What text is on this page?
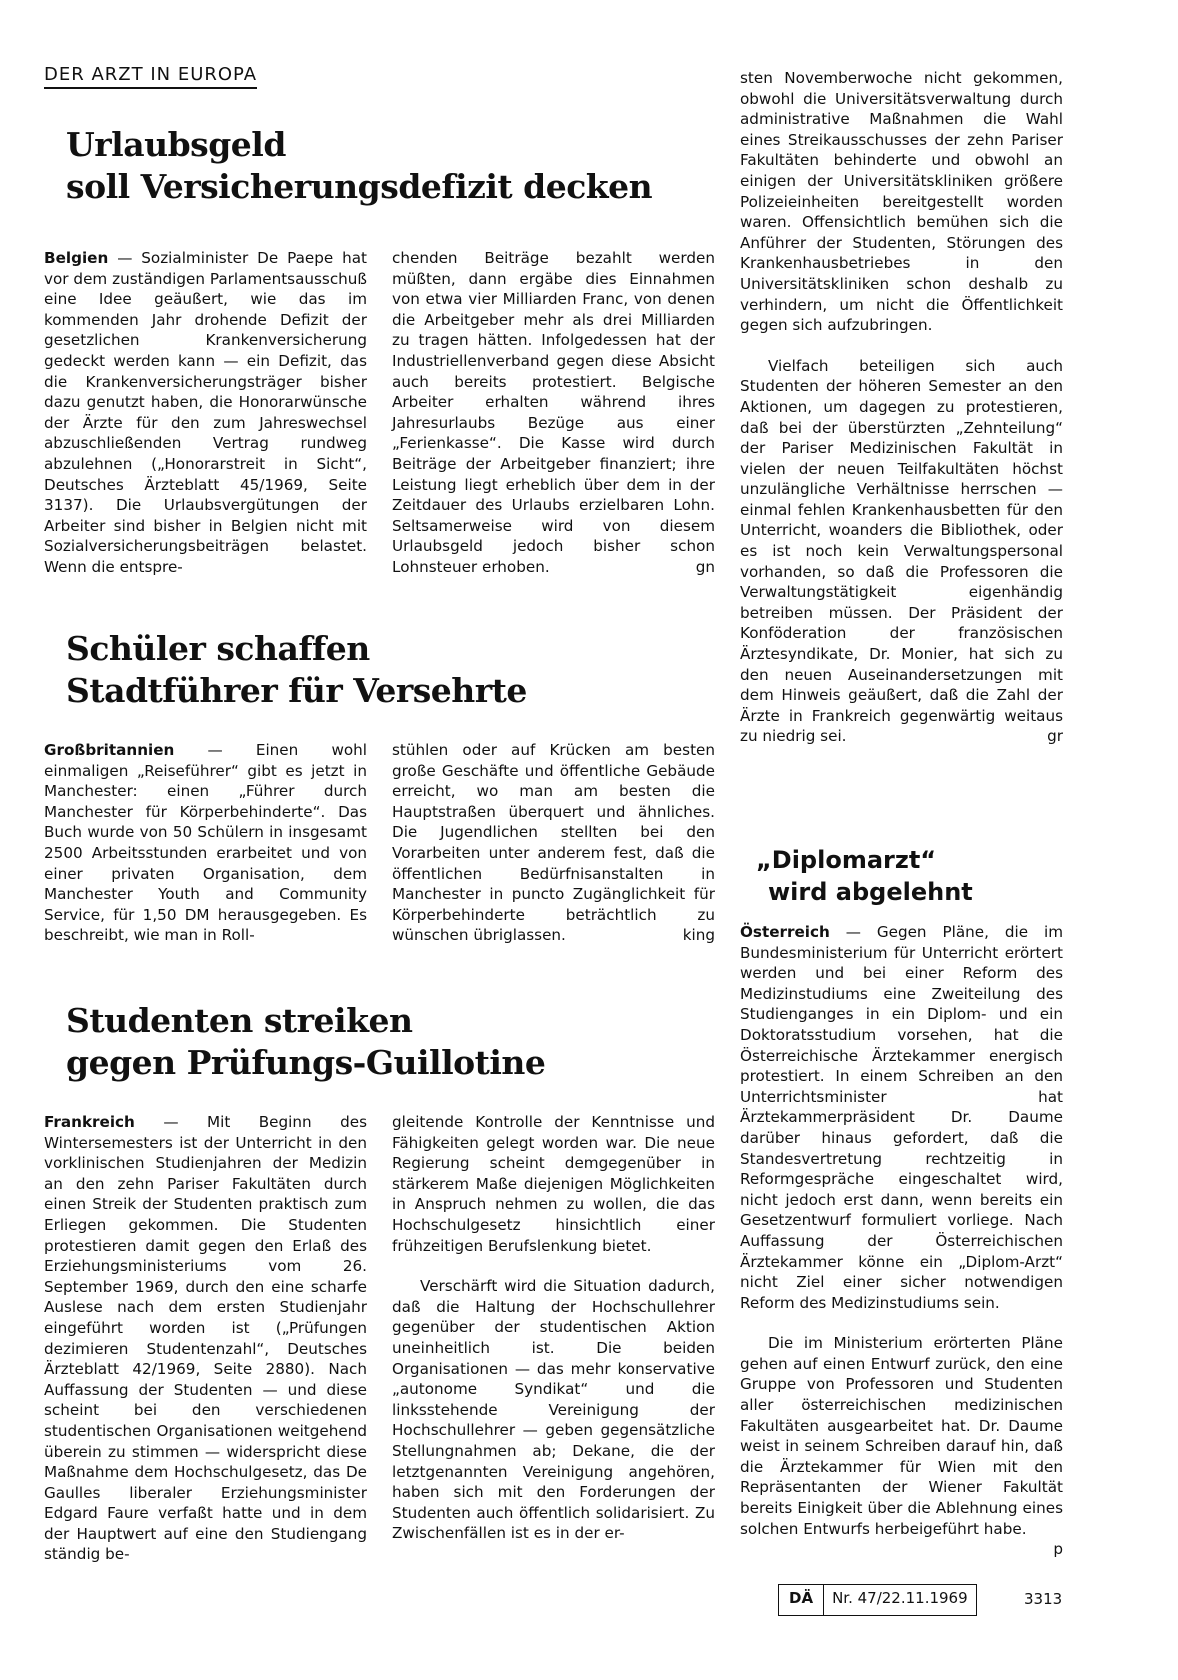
DER ARZT IN EUROPA
Urlaubsgeld
soll Versicherungsdefizit decken

Belgien — Sozialminister De Paepe hat vor dem zuständigen Parlamentsausschuß eine Idee geäußert, wie das im kommenden Jahr drohende Defizit der gesetzlichen Krankenversicherung gedeckt werden kann — ein Defizit, das die Krankenversicherungsträger bisher dazu genutzt haben, die Honorarwünsche der Ärzte für den zum Jahreswechsel abzuschließenden Vertrag rundweg abzulehnen („Honorarstreit in Sicht“, Deutsches Ärzteblatt 45/1969, Seite 3137). Die Urlaubsvergütungen der Arbeiter sind bisher in Belgien nicht mit Sozialversicherungsbeiträgen belastet. Wenn die entspre-

chenden Beiträge bezahlt werden müßten, dann ergäbe dies Einnahmen von etwa vier Milliarden Franc, von denen die Arbeitgeber mehr als drei Milliarden zu tragen hätten. Infolgedessen hat der Industriellenverband gegen diese Absicht auch bereits protestiert. Belgische Arbeiter erhalten während ihres Jahresurlaubs Bezüge aus einer „Ferienkasse“. Die Kasse wird durch Beiträge der Arbeitgeber finanziert; ihre Leistung liegt erheblich über dem in der Zeitdauer des Urlaubs erzielbaren Lohn. Seltsamerweise wird von diesem Urlaubsgeld jedoch bisher schon Lohnsteuer erhoben.	gn

Schüler schaffen
Stadtführer für Versehrte

Großbritannien — Einen wohl einmaligen „Reiseführer“ gibt es jetzt in Manchester: einen „Führer durch Manchester für Körperbehinderte“. Das Buch wurde von 50 Schülern in insgesamt 2500 Arbeitsstunden erarbeitet und von einer privaten Organisation, dem Manchester Youth and Community Service, für 1,50 DM herausgegeben. Es beschreibt, wie man in Roll-

stühlen oder auf Krücken am besten große Geschäfte und öffentliche Gebäude erreicht, wo man am besten die Hauptstraßen überquert und ähnliches. Die Jugendlichen stellten bei den Vorarbeiten unter anderem fest, daß die öffentlichen Bedürfnisanstalten in Manchester in puncto Zugänglichkeit für Körperbehinderte beträchtlich zu wünschen übriglassen.	king

Studenten streiken
gegen Prüfungs-Guillotine

Frankreich — Mit Beginn des Wintersemesters ist der Unterricht in den vorklinischen Studienjahren der Medizin an den zehn Pariser Fakultäten durch einen Streik der Studenten praktisch zum Erliegen gekommen. Die Studenten protestieren damit gegen den Erlaß des Erziehungsministeriums vom 26. September 1969, durch den eine scharfe Auslese nach dem ersten Studienjahr eingeführt worden ist („Prüfungen dezimieren Studentenzahl“, Deutsches Ärzteblatt 42/1969, Seite 2880). Nach Auffassung der Studenten — und diese scheint bei den verschiedenen studentischen Organisationen weitgehend überein zu stimmen — widerspricht diese Maßnahme dem Hochschulgesetz, das De Gaulles liberaler Erziehungsminister Edgard Faure verfaßt hatte und in dem der Hauptwert auf eine den Studiengang ständig be-

gleitende Kontrolle der Kenntnisse und Fähigkeiten gelegt worden war. Die neue Regierung scheint demgegenüber in stärkerem Maße diejenigen Möglichkeiten in Anspruch nehmen zu wollen, die das Hochschulgesetz hinsichtlich einer frühzeitigen Berufslenkung bietet.

Verschärft wird die Situation dadurch, daß die Haltung der Hochschullehrer gegenüber der studentischen Aktion uneinheitlich ist. Die beiden Organisationen — das mehr konservative „autonome Syndikat“ und die linksstehende Vereinigung der Hochschullehrer — geben gegensätzliche Stellungnahmen ab; Dekane, die der letztgenannten Vereinigung angehören, haben sich mit den Forderungen der Studenten auch öffentlich solidarisiert. Zu Zwischenfällen ist es in der er-

sten Novemberwoche nicht gekommen, obwohl die Universitätsverwaltung durch administrative Maßnahmen die Wahl eines Streikausschusses der zehn Pariser Fakultäten behinderte und obwohl an einigen der Universitätskliniken größere Polizeieinheiten bereitgestellt worden waren. Offensichtlich bemühen sich die Anführer der Studenten, Störungen des Krankenhausbetriebes in den Universitätskliniken schon deshalb zu verhindern, um nicht die Öffentlichkeit gegen sich aufzubringen.

Vielfach beteiligen sich auch Studenten der höheren Semester an den Aktionen, um dagegen zu protestieren, daß bei der überstürzten „Zehnteilung“ der Pariser Medizinischen Fakultät in vielen der neuen Teilfakultäten höchst unzulängliche Verhältnisse herrschen — einmal fehlen Krankenhausbetten für den Unterricht, woanders die Bibliothek, oder es ist noch kein Verwaltungspersonal vorhanden, so daß die Professoren die Verwaltungstätigkeit eigenhändig betreiben müssen. Der Präsident der Konföderation der französischen Ärztesyndikate, Dr. Monier, hat sich zu den neuen Auseinandersetzungen mit dem Hinweis geäußert, daß die Zahl der Ärzte in Frankreich gegenwärtig weitaus zu niedrig sei.	gr

„Diplomarzt“
wird abgelehnt

Österreich — Gegen Pläne, die im Bundesministerium für Unterricht erörtert werden und bei einer Reform des Medizinstudiums eine Zweiteilung des Studienganges in ein Diplom- und ein Doktoratsstudium vorsehen, hat die Österreichische Ärztekammer energisch protestiert. In einem Schreiben an den Unterrichtsminister hat Ärztekammerpräsident Dr. Daume darüber hinaus gefordert, daß die Standesvertretung rechtzeitig in Reformgespräche eingeschaltet wird, nicht jedoch erst dann, wenn bereits ein Gesetzentwurf formuliert vorliege. Nach Auffassung der Österreichischen Ärztekammer könne ein „Diplom-Arzt“ nicht Ziel einer sicher notwendigen Reform des Medizinstudiums sein.

Die im Ministerium erörterten Pläne gehen auf einen Entwurf zurück, den eine Gruppe von Professoren und Studenten aller österreichischen medizinischen Fakultäten ausgearbeitet hat. Dr. Daume weist in seinem Schreiben darauf hin, daß die Ärztekammer für Wien mit den Repräsentanten der Wiener Fakultät bereits Einigkeit über die Ablehnung eines solchen Entwurfs herbeigeführt habe.
p

DÄ	Nr. 47/22.11.1969	3313
